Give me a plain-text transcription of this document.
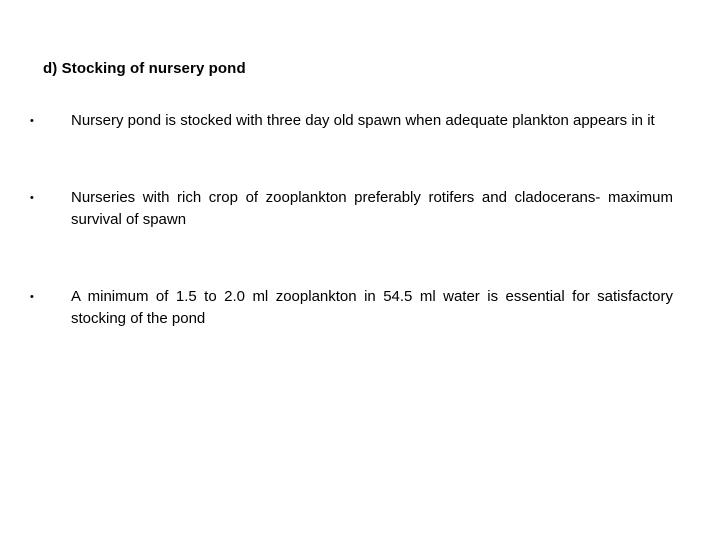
d) Stocking of nursery pond
•	Nursery pond is stocked with three day old spawn when adequate plankton appears in it
•	Nurseries with rich crop of zooplankton preferably rotifers and cladocerans- maximum survival of spawn
•	A minimum of 1.5 to 2.0 ml zooplankton in 54.5 ml water is essential for satisfactory stocking of the pond
